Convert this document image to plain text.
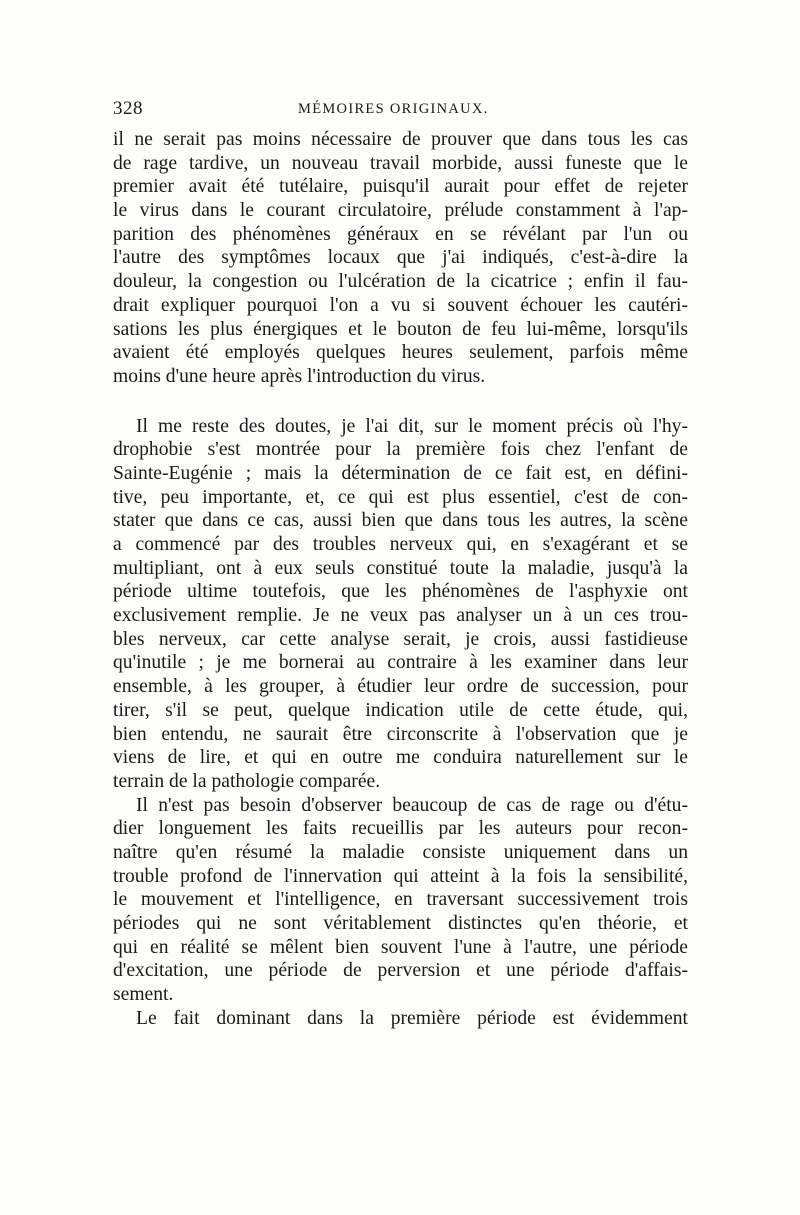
328	MÉMOIRES ORIGINAUX.
il ne serait pas moins nécessaire de prouver que dans tous les cas
de rage tardive, un nouveau travail morbide, aussi funeste que le
premier avait été tutélaire, puisqu'il aurait pour effet de rejeter
le virus dans le courant circulatoire, prélude constamment à l'ap-
parition des phénomènes généraux en se révélant par l'un ou
l'autre des symptômes locaux que j'ai indiqués, c'est-à-dire la
douleur, la congestion ou l'ulcération de la cicatrice ; enfin il fau-
drait expliquer pourquoi l'on a vu si souvent échouer les cautéri-
sations les plus énergiques et le bouton de feu lui-même, lorsqu'ils
avaient été employés quelques heures seulement, parfois même
moins d'une heure après l'introduction du virus.
Il me reste des doutes, je l'ai dit, sur le moment précis où l'hy-
drophobie s'est montrée pour la première fois chez l'enfant de
Sainte-Eugénie ; mais la détermination de ce fait est, en défini-
tive, peu importante, et, ce qui est plus essentiel, c'est de con-
stater que dans ce cas, aussi bien que dans tous les autres, la scène
a commencé par des troubles nerveux qui, en s'exagérant et se
multipliant, ont à eux seuls constitué toute la maladie, jusqu'à la
période ultime toutefois, que les phénomènes de l'asphyxie ont
exclusivement remplie. Je ne veux pas analyser un à un ces trou-
bles nerveux, car cette analyse serait, je crois, aussi fastidieuse
qu'inutile ; je me bornerai au contraire à les examiner dans leur
ensemble, à les grouper, à étudier leur ordre de succession, pour
tirer, s'il se peut, quelque indication utile de cette étude, qui,
bien entendu, ne saurait être circonscrite à l'observation que je
viens de lire, et qui en outre me conduira naturellement sur le
terrain de la pathologie comparée.
Il n'est pas besoin d'observer beaucoup de cas de rage ou d'étu-
dier longuement les faits recueillis par les auteurs pour recon-
naître qu'en résumé la maladie consiste uniquement dans un
trouble profond de l'innervation qui atteint à la fois la sensibilité,
le mouvement et l'intelligence, en traversant successivement trois
périodes qui ne sont véritablement distinctes qu'en théorie, et
qui en réalité se mêlent bien souvent l'une à l'autre, une période
d'excitation, une période de perversion et une période d'affais-
sement.
Le fait dominant dans la première période est évidemment
